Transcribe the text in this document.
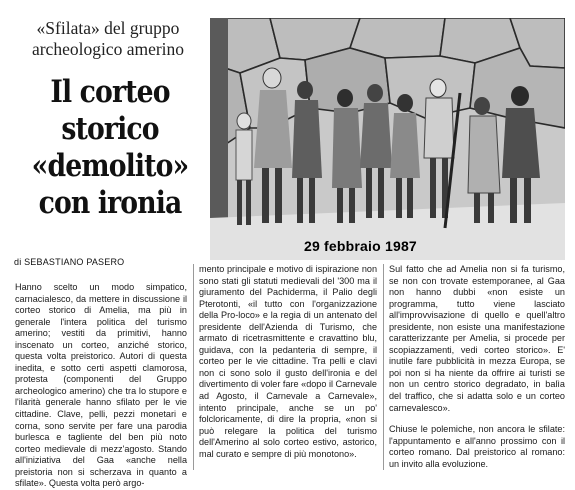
«Sfilata» del gruppo archeologico amerino
Il corteo storico «demolito» con ironia
di SEBASTIANO PASERO
29 febbraio 1987

Hanno scelto un modo simpatico, carnacialesco, da mettere in discussione il corteo storico di Amelia, ma più in generale l'intera politica del turismo amerino; vestiti da primitivi, hanno inscenato un corteo, anziché storico, questa volta preistorico. Autori di questa inedita, e sotto certi aspetti clamorosa, protesta (componenti del Gruppo archeologico amerino) che tra lo stupore e l'ilarità generale hanno sfilato per le vie cittadine. Clave, pelli, pezzi monetari e corna, sono servite per fare una parodia burlesca e tagliente del ben più noto corteo medievale di mezz'agosto. Stando all'iniziativa del Gaa «anche nella preistoria non si scherzava in quanto a sfilate». Questa volta però argo-

mento principale e motivo di ispirazione non sono stati gli statuti medievali del '300 ma il giuramento del Pachiderma, il Palio degli Pterotonti, «il tutto con l'organizzazione della Pro-loco» e la regia di un antenato del presidente dell'Azienda di Turismo, che armato di ricetrasmittente e cravattino blu, guidava, con la pedanteria di sempre, il corteo per le vie cittadine. Tra pelli e clavi non ci sono solo il gusto dell'ironia e del divertimento di voler fare «dopo il Carnevale ad Agosto, il Carnevale a Carnevale», intento principale, anche se un po' folcloricamente, di dire la propria, «non si può relegare la politica del turismo dell'Amerino al solo corteo estivo, astorico, mal curato e sempre di più monotono».

Sul fatto che ad Amelia non si fa turismo, se non con trovate estemporanee, al Gaa non hanno dubbi «non esiste un programma, tutto viene lasciato all'improvvisazione di quello e quell'altro presidente, non esiste una manifestazione caratterizzante per Amelia, si procede per scopiazzamenti, vedi corteo storico». E' inutile fare pubblicità in mezza Europa, se poi non si ha niente da offrire ai turisti se non un centro storico degradato, in balìa del traffico, che si adatta solo e un corteo carnevalesco».

Chiuse le polemiche, non ancora le sfilate: l'appuntamento e all'anno prossimo con il corteo romano. Dal preistorico al romano: un invito alla evoluzione.
